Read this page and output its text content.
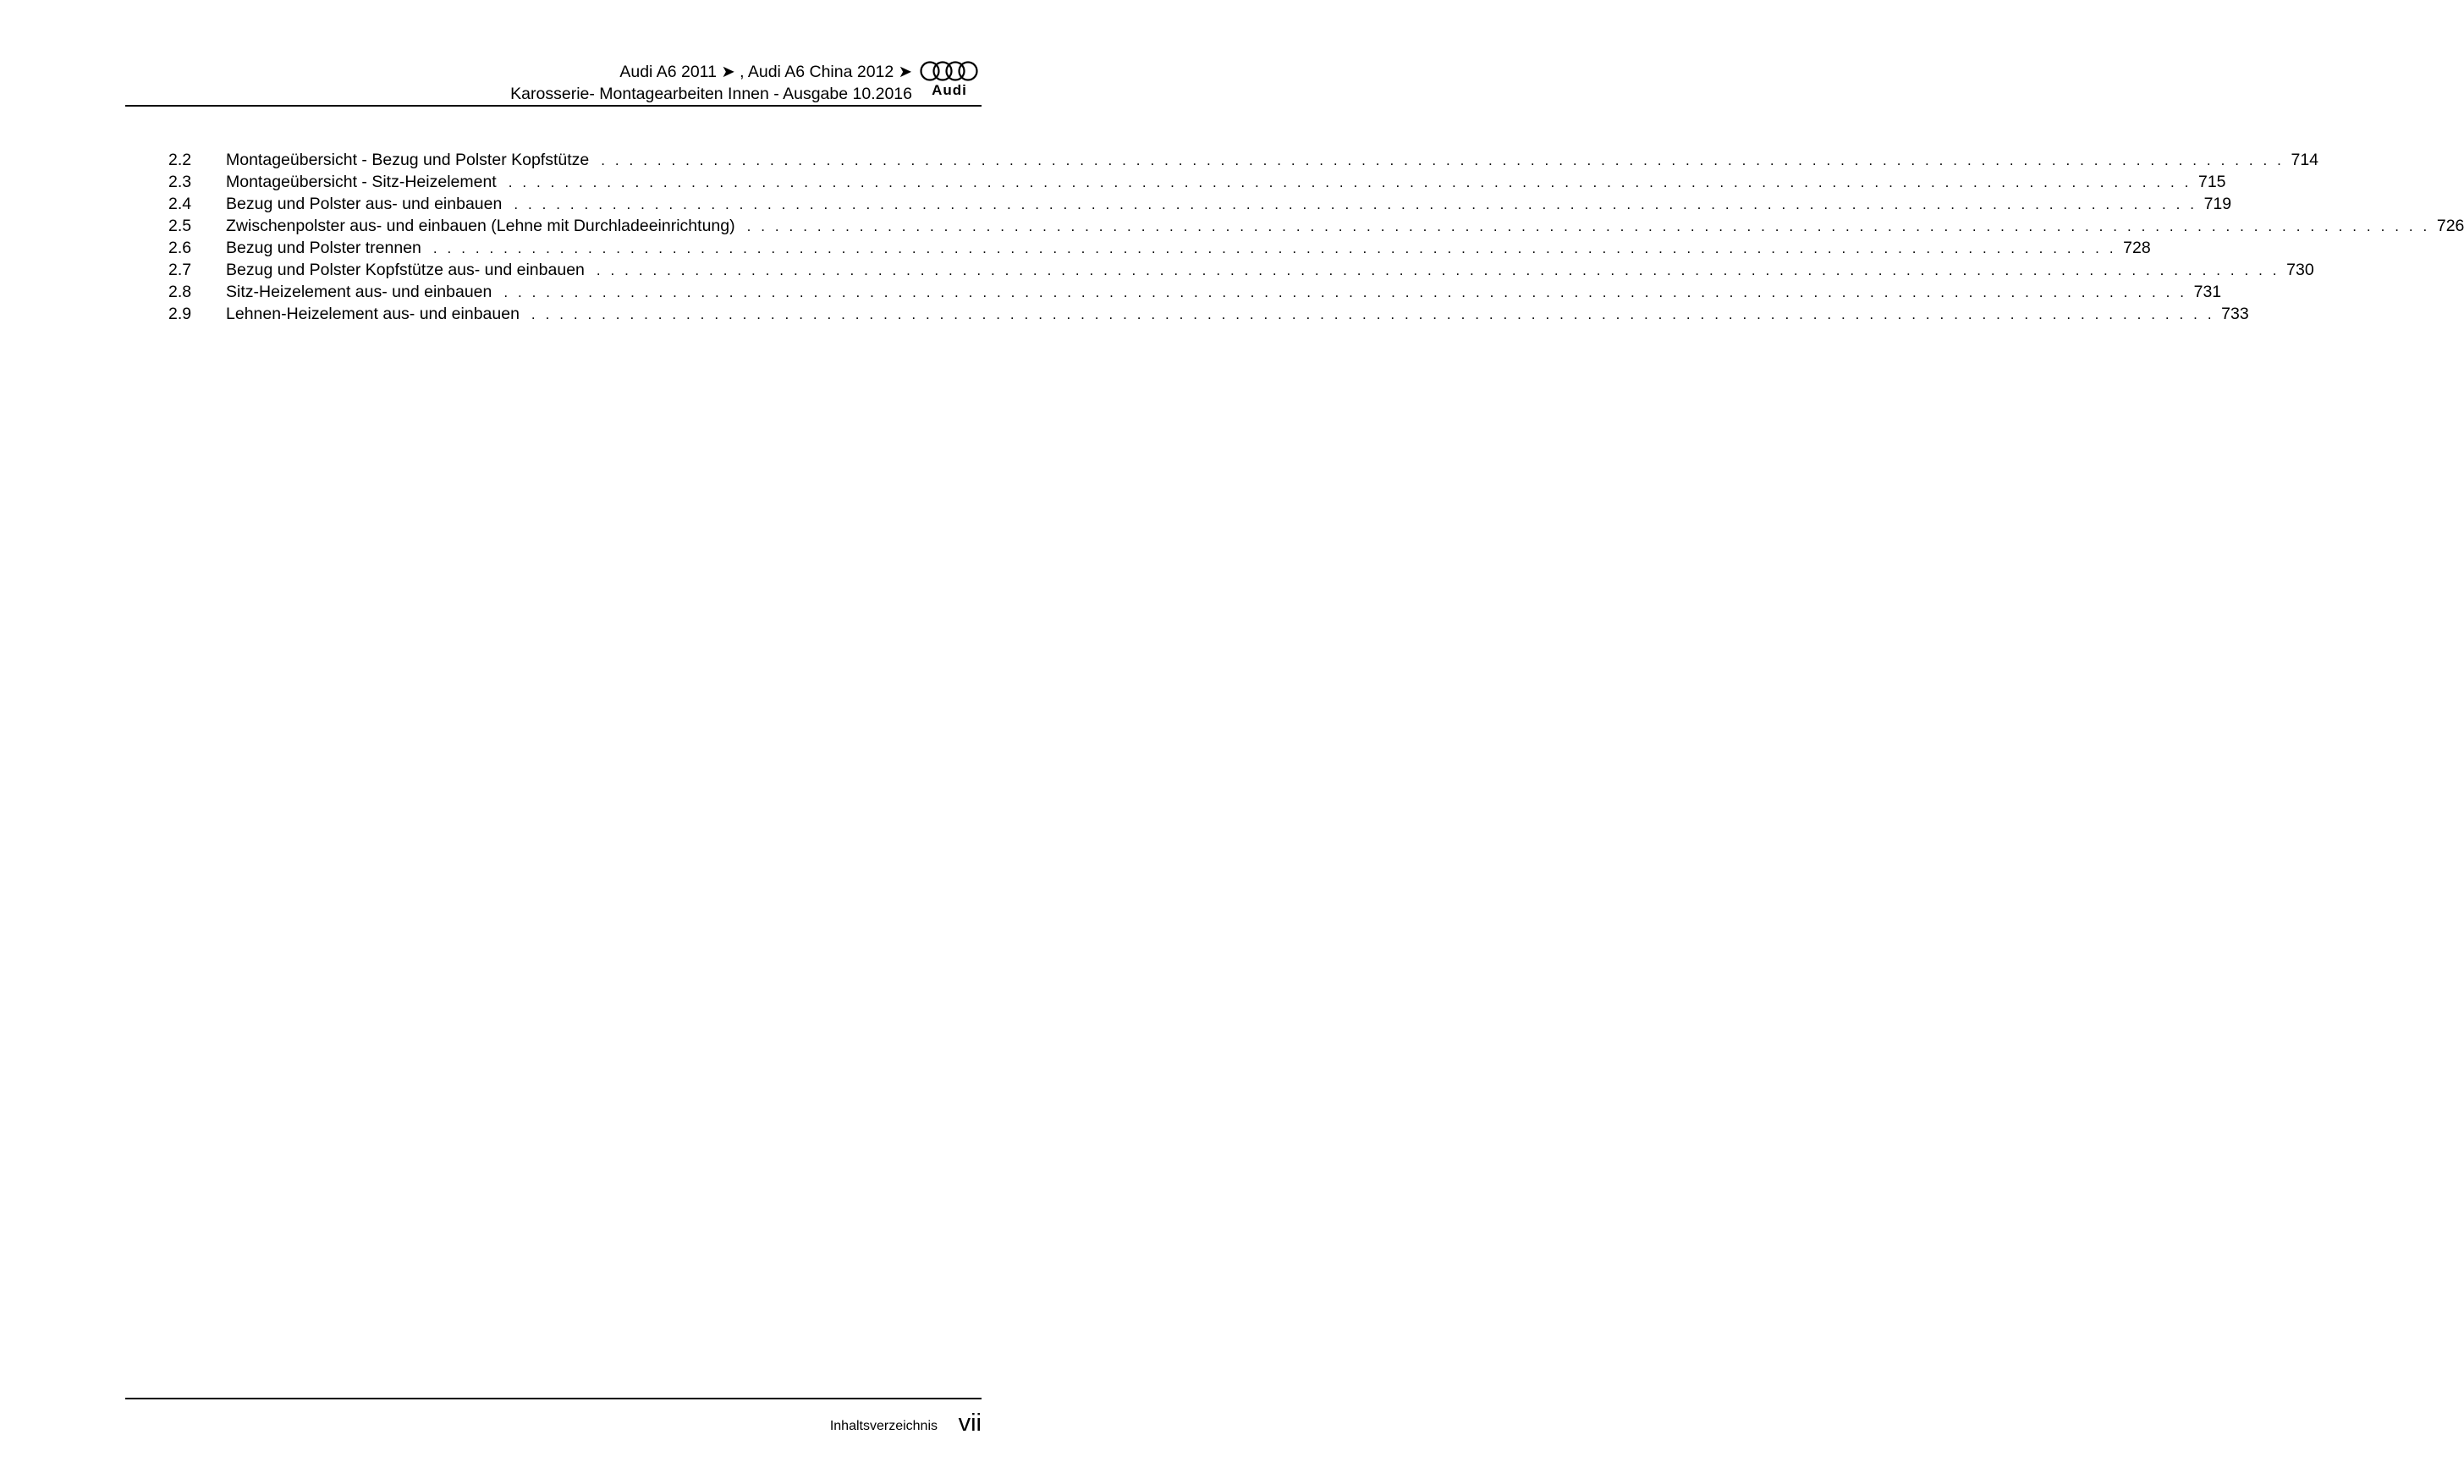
Audi A6 2011 ➤ , Audi A6 China 2012 ➤
Karosserie- Montagearbeiten Innen - Ausgabe 10.2016	Audi
2.2	Montageübersicht - Bezug und Polster Kopfstütze . . . . . . . . . . . . . . . . . . . . . . . . . . . . . . . . . . . . . . . . . . . . . . . . . . . . . . . . . . . . . . . . . . . . . . . . . . . . . . . . . . . . . . . . . . . . . . . . . . . . . . . . . . . . . . . . . . . . . . . . 714
2.3	Montageübersicht - Sitz-Heizelement . . . . . . . . . . . . . . . . . . . . . . . . . . . . . . . . . . . . . . . . . . . . . . . . . . . . . . . . . . . . . . . . . . . . . . . . . . . . . . . . . . . . . . . . . . . . . . . . . . . . . . . . . . . . . . . . . . . . . . . . 715
2.4	Bezug und Polster aus- und einbauen . . . . . . . . . . . . . . . . . . . . . . . . . . . . . . . . . . . . . . . . . . . . . . . . . . . . . . . . . . . . . . . . . . . . . . . . . . . . . . . . . . . . . . . . . . . . . . . . . . . . . . . . . . . . . . . . . . . . . . . . 719
2.5	Zwischenpolster aus- und einbauen (Lehne mit Durchladeeinrichtung) . . . . . . . . . . . . . . . . . . . . . . . . . . . . . . . . . . . . . . . . . . . . . . . . . . . . . . . . . . . . . . . . . . . . . . . . . . . . . . . . . . . . . . . . . . . . . . . . . . . . . . . . . . . . . . . . . . . . . . . . 726
2.6	Bezug und Polster trennen . . . . . . . . . . . . . . . . . . . . . . . . . . . . . . . . . . . . . . . . . . . . . . . . . . . . . . . . . . . . . . . . . . . . . . . . . . . . . . . . . . . . . . . . . . . . . . . . . . . . . . . . . . . . . . . . . . . . . . . . 728
2.7	Bezug und Polster Kopfstütze aus- und einbauen . . . . . . . . . . . . . . . . . . . . . . . . . . . . . . . . . . . . . . . . . . . . . . . . . . . . . . . . . . . . . . . . . . . . . . . . . . . . . . . . . . . . . . . . . . . . . . . . . . . . . . . . . . . . . . . . . . . . . . . . 730
2.8	Sitz-Heizelement aus- und einbauen . . . . . . . . . . . . . . . . . . . . . . . . . . . . . . . . . . . . . . . . . . . . . . . . . . . . . . . . . . . . . . . . . . . . . . . . . . . . . . . . . . . . . . . . . . . . . . . . . . . . . . . . . . . . . . . . . . . . . . . . 731
2.9	Lehnen-Heizelement aus- und einbauen . . . . . . . . . . . . . . . . . . . . . . . . . . . . . . . . . . . . . . . . . . . . . . . . . . . . . . . . . . . . . . . . . . . . . . . . . . . . . . . . . . . . . . . . . . . . . . . . . . . . . . . . . . . . . . . . . . . . . . . . 733
Inhaltsverzeichnis vii
